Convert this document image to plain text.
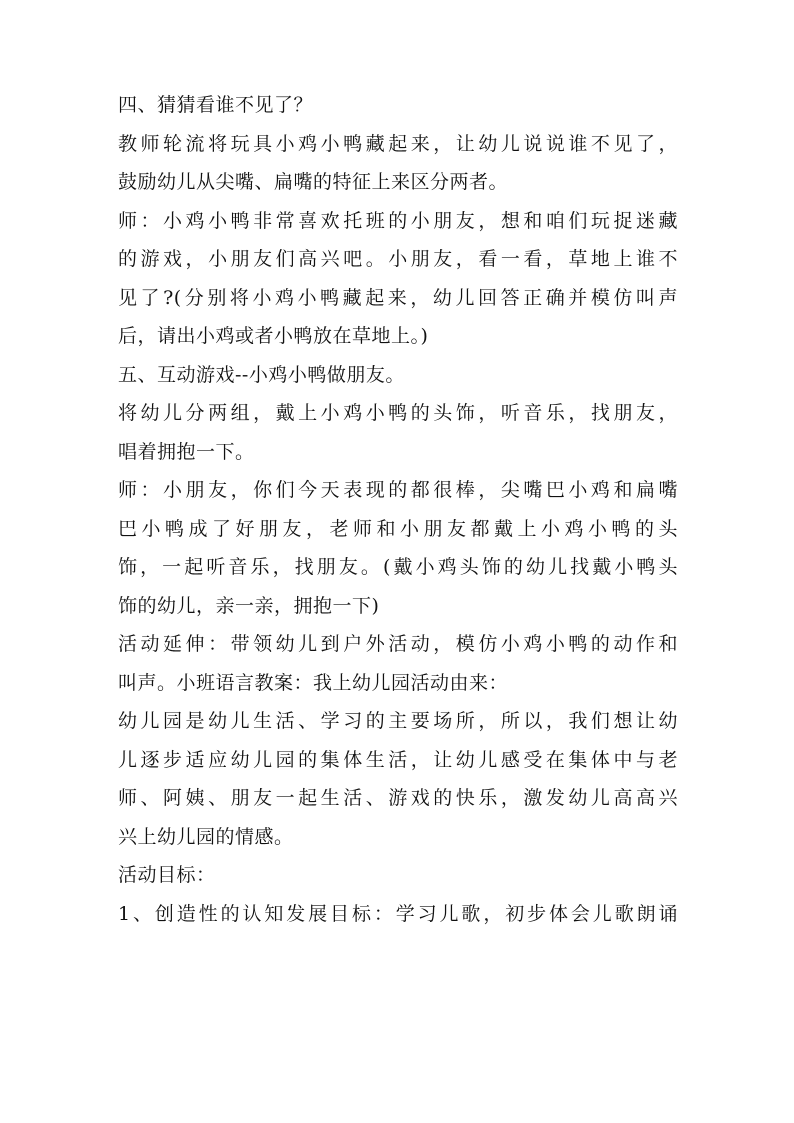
四、猜猜看谁不见了？
教师轮流将玩具小鸡小鸭藏起来，让幼儿说说谁不见了，
鼓励幼儿从尖嘴、扁嘴的特征上来区分两者。
师：小鸡小鸭非常喜欢托班的小朋友，想和咱们玩捉迷藏
的游戏，小朋友们高兴吧。小朋友，看一看，草地上谁不
见了?(分别将小鸡小鸭藏起来，幼儿回答正确并模仿叫声
后，请出小鸡或者小鸭放在草地上。)
五、互动游戏--小鸡小鸭做朋友。
将幼儿分两组，戴上小鸡小鸭的头饰，听音乐，找朋友，
唱着拥抱一下。
师：小朋友，你们今天表现的都很棒，尖嘴巴小鸡和扁嘴
巴小鸭成了好朋友，老师和小朋友都戴上小鸡小鸭的头
饰，一起听音乐，找朋友。(戴小鸡头饰的幼儿找戴小鸭头
饰的幼儿，亲一亲，拥抱一下)
活动延伸：带领幼儿到户外活动，模仿小鸡小鸭的动作和
叫声。小班语言教案：我上幼儿园活动由来：
幼儿园是幼儿生活、学习的主要场所，所以，我们想让幼
儿逐步适应幼儿园的集体生活，让幼儿感受在集体中与老
师、阿姨、朋友一起生活、游戏的快乐，激发幼儿高高兴
兴上幼儿园的情感。
活动目标：
1、创造性的认知发展目标：学习儿歌，初步体会儿歌朗诵
